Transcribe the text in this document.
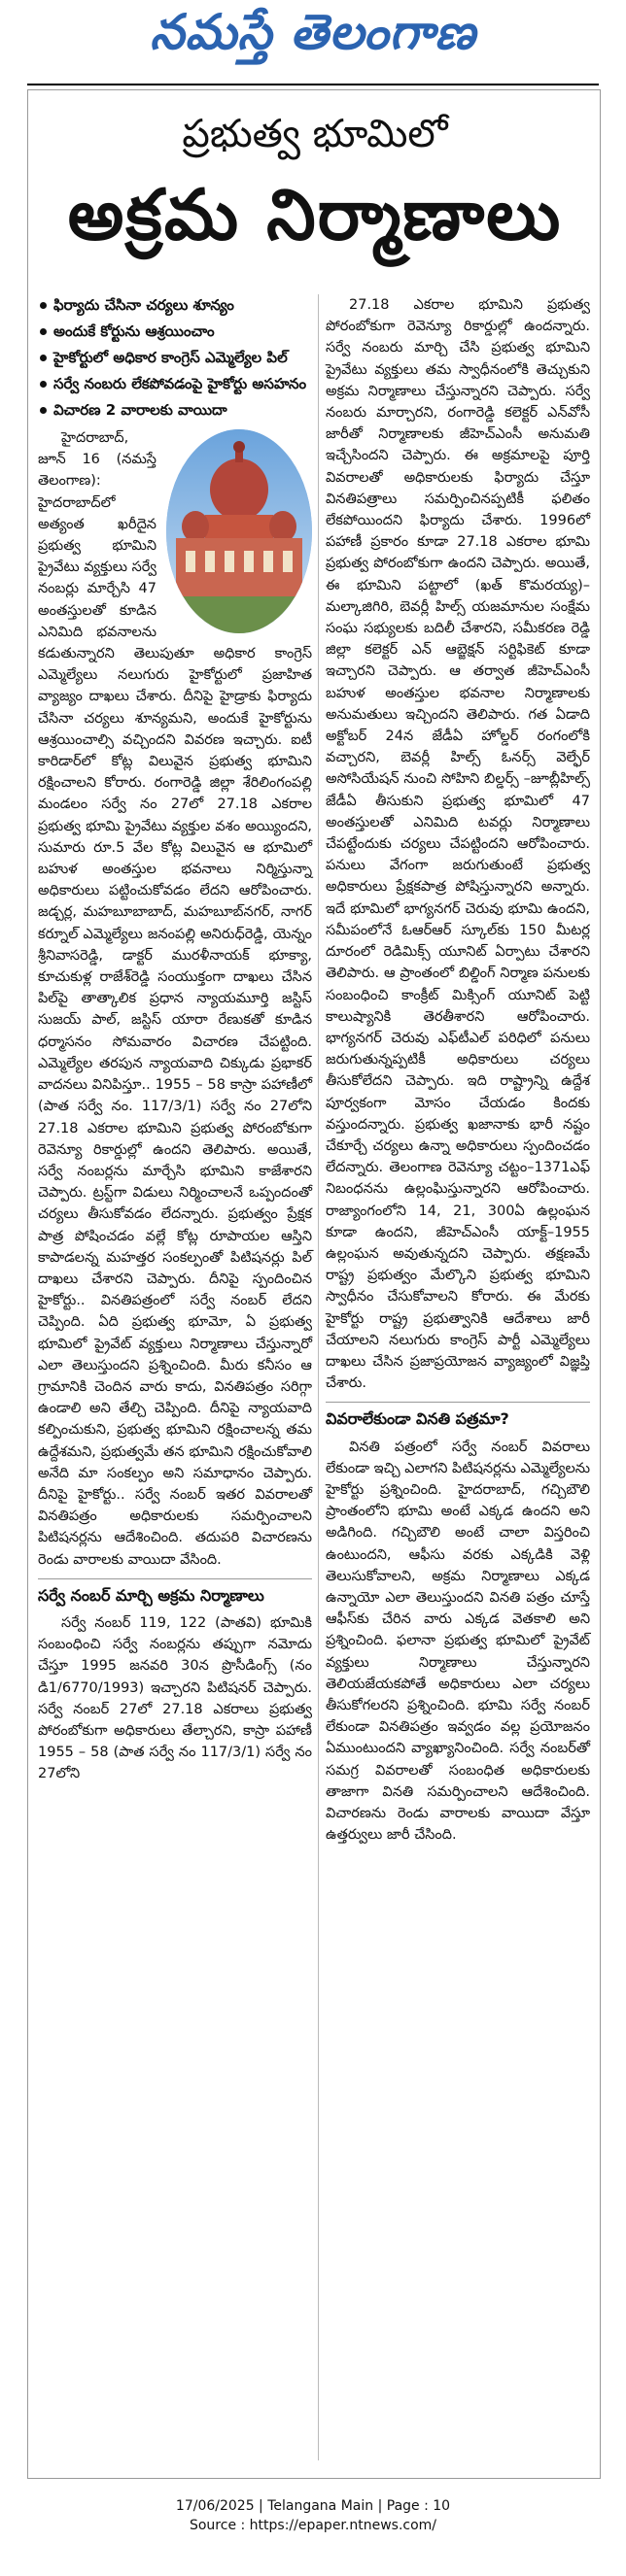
నమస్తే తెలంగాణ
ప్రభుత్వ భూమిలో
అక్రమ నిర్మాణాలు
ఫిర్యాదు చేసినా చర్యలు శూన్యం
అందుకే కోర్టును ఆశ్రయించాం
హైకోర్టులో అధికార కాంగ్రెస్ ఎమ్మెల్యేల పిల్
సర్వే నంబరు లేకపోవడంపై హైకోర్టు అసహనం
విచారణ 2 వారాలకు వాయిదా

హైదరాబాద్, జూన్ 16 (నమస్తే తెలంగాణ): హైదరాబాద్‌లో అత్యంత ఖరీదైన ప్రభుత్వ భూమిని ప్రైవేటు వ్యక్తులు సర్వే నంబర్లు మార్చేసి 47 అంతస్తులతో కూడిన ఎనిమిది భవనాలను కడుతున్నారని తెలుపుతూ అధికార కాంగ్రెస్ ఎమ్మెల్యేలు నలుగురు హైకోర్టులో ప్రజాహిత వ్యాజ్యం దాఖలు చేశారు. దీనిపై హైడ్రాకు ఫిర్యాదు చేసినా చర్యలు శూన్యమని, అందుకే హైకోర్టును ఆశ్రయించాల్సి వచ్చిందని వివరణ ఇచ్చారు. ఐటీ కారిడార్‌లో కోట్ల విలువైన ప్రభుత్వ భూమిని రక్షించాలని కోరారు. రంగారెడ్డి జిల్లా శేరిలింగంపల్లి మండలం సర్వే నం 27లో 27.18 ఎకరాల ప్రభుత్వ భూమి ప్రైవేటు వ్యక్తుల వశం అయ్యిందని, సుమారు రూ.5 వేల కోట్ల విలువైన ఆ భూమిలో బహుళ అంతస్తుల భవనాలు నిర్మిస్తున్నా అధికారులు పట్టించుకోవడం లేదని ఆరోపించారు. జడ్చర్ల, మహబూబాబాద్, మహబూబ్‌నగర్, నాగర్ కర్నూల్ ఎమ్మెల్యేలు జనంపల్లి అనిరుధ్‌రెడ్డి, యెన్నం శ్రీనివాసరెడ్డి, డాక్టర్ మురళీనాయక్ భూక్యా, కూచుకుళ్ల రాజేశ్‌రెడ్డి సంయుక్తంగా దాఖలు చేసిన పిల్‌పై తాత్కాలిక ప్రధాన న్యాయమూర్తి జస్టిస్ సుజయ్ పాల్, జస్టిస్ యారా రేణుకతో కూడిన ధర్మాసనం సోమవారం విచారణ చేపట్టింది. ఎమ్మెల్యేల తరపున న్యాయవాది చిక్కుడు ప్రభాకర్ వాదనలు వినిపిస్తూ.. 1955 – 58 కాస్రా పహాణీలో (పాత సర్వే నం. 117/3/1) సర్వే నం 27లోని 27.18 ఎకరాల భూమిని ప్రభుత్వ పోరంబోకుగా రెవెన్యూ రికార్డుల్లో ఉందని తెలిపారు. అయితే, సర్వే నంబర్లను మార్చేసి భూమిని కాజేశారని చెప్పారు. ట్రస్ట్‌గా విడులు నిర్మించాలనే ఒప్పందంతో చర్యలు తీసుకోవడం లేదన్నారు. ప్రభుత్వం ప్రేక్షక పాత్ర పోషించడం వల్లే కోట్ల రూపాయల ఆస్తిని కాపాడలన్న మహత్తర సంకల్పంతో పిటిషనర్లు పిల్ దాఖలు చేశారని చెప్పారు. దీనిపై స్పందించిన హైకోర్టు.. వినతిపత్రంలో సర్వే నంబర్ లేదని చెప్పింది. ఏది ప్రభుత్వ భూమో, ఏ ప్రభుత్వ భూమిలో ప్రైవేట్ వ్యక్తులు నిర్మాణాలు చేస్తున్నారో ఎలా తెలుస్తుందని ప్రశ్నించింది. మీరు కనీసం ఆ గ్రామానికి చెందిన వారు కాదు, వినతిపత్రం సరిగ్గా ఉండాలి అని తేల్చి చెప్పింది. దీనిపై న్యాయవాది కల్పించుకుని, ప్రభుత్వ భూమిని రక్షించాలన్న తమ ఉద్దేశమని, ప్రభుత్వమే తన భూమిని రక్షించుకోవాలి అనేది మా సంకల్పం అని సమాధానం చెప్పారు. దీనిపై హైకోర్టు.. సర్వే నంబర్ ఇతర వివరాలతో వినతిపత్రం అధికారులకు సమర్పించాలని పిటిషనర్లను ఆదేశించింది. తదుపరి విచారణను రెండు వారాలకు వాయిదా వేసింది.

సర్వే నంబర్ మార్చి అక్రమ నిర్మాణాలు

సర్వే నంబర్ 119, 122 (పాతవి) భూమికి సంబంధించి సర్వే నంబర్లను తప్పుగా నమోదు చేస్తూ 1995 జనవరి 30న ప్రొసీడింగ్స్ (నం డి1/6770/1993) ఇచ్చారని పిటిషనర్ చెప్పారు. సర్వే నంబర్ 27లో 27.18 ఎకరాలు ప్రభుత్వ పోరంబోకుగా అధికారులు తేల్చారని, కాస్రా పహాణీ 1955 – 58 (పాత సర్వే నం 117/3/1) సర్వే నం 27లోని

27.18 ఎకరాల భూమిని ప్రభుత్వ పోరంబోకుగా రెవెన్యూ రికార్డుల్లో ఉందన్నారు. సర్వే నంబరు మార్చి చేసి ప్రభుత్వ భూమిని ప్రైవేటు వ్యక్తులు తమ స్వాధీనంలోకి తెచ్చుకుని అక్రమ నిర్మాణాలు చేస్తున్నారని చెప్పారు. సర్వే నంబరు మార్చారని, రంగారెడ్డి కలెక్టర్ ఎన్‌వోసీ జారీతో నిర్మాణాలకు జీహెచ్‌ఎంసీ అనుమతి ఇచ్చేసిందని చెప్పారు. ఈ అక్రమాలపై పూర్తి వివరాలతో అధికారులకు ఫిర్యాదు చేస్తూ వినతిపత్రాలు సమర్పించినప్పటికీ ఫలితం లేకపోయిందని ఫిర్యాదు చేశారు. 1996లో పహాణీ ప్రకారం కూడా 27.18 ఎకరాల భూమి ప్రభుత్వ పోరంబోకుగా ఉందని చెప్పారు. అయితే, ఈ భూమిని పట్టాలో (ఖత్ కొమరయ్య)–మల్కాజిగిరి, బెవర్లీ హిల్స్ యజమానుల సంక్షేమ సంఘ సభ్యులకు బదిలీ చేశారని, సమీకరణ రెడ్డి జిల్లా కలెక్టర్ ఎన్ ఆబ్జెక్షన్ సర్టిఫికెట్ కూడా ఇచ్చారని చెప్పారు. ఆ తర్వాత జీహెచ్‌ఎంసీ బహుళ అంతస్తుల భవనాల నిర్మాణాలకు అనుమతులు ఇచ్చిందని తెలిపారు. గత ఏడాది అక్టోబర్ 24న జేడీఏ హోల్డర్ రంగంలోకి వచ్చారని, బెవర్లీ హిల్స్ ఓనర్స్ వెల్ఫేర్ అసోసియేషన్ నుంచి సోహిని బిల్డర్స్ –జూబ్లీహిల్స్ జేడీఏ తీసుకుని ప్రభుత్వ భూమిలో 47 అంతస్తులతో ఎనిమిది టవర్లు నిర్మాణాలు చేపట్టేందుకు చర్యలు చేపట్టిందని ఆరోపించారు. పనులు వేగంగా జరుగుతుంటే ప్రభుత్వ అధికారులు ప్రేక్షకపాత్ర పోషిస్తున్నారని అన్నారు. ఇదే భూమిలో భాగ్యనగర్ చెరువు భూమి ఉందని, సమీపంలోనే ఓఆర్ఆర్ స్కూల్‌కు 150 మీటర్ల దూరంలో రెడిమిక్స్ యూనిట్ ఏర్పాటు చేశారని తెలిపారు. ఆ ప్రాంతంలో బిల్డింగ్ నిర్మాణ పనులకు సంబంధించి కాంక్రీట్ మిక్సింగ్ యూనిట్ పెట్టి కాలుష్యానికి తెరతీశారని ఆరోపించారు. భాగ్యనగర్ చెరువు ఎఫ్‌టీఎల్ పరిధిలో పనులు జరుగుతున్నప్పటికీ అధికారులు చర్యలు తీసుకోలేదని చెప్పారు. ఇది రాష్ట్రాన్ని ఉద్దేశ పూర్వకంగా మోసం చేయడం కిందకు వస్తుందన్నారు. ప్రభుత్వ ఖజానాకు భారీ నష్టం చేకూర్చే చర్యలు ఉన్నా అధికారులు స్పందించడం లేదన్నారు. తెలంగాణ రెవెన్యూ చట్టం–1371ఎఫ్ నిబంధనను ఉల్లంఘిస్తున్నారని ఆరోపించారు. రాజ్యాంగంలోని 14, 21, 300ఏ ఉల్లంఘన కూడా ఉందని, జీహెచ్‌ఎంసీ యాక్ట్–1955 ఉల్లంఘన అవుతున్నదని చెప్పారు. తక్షణమే రాష్ట్ర ప్రభుత్వం మేల్కొని ప్రభుత్వ భూమిని స్వాధీనం చేసుకోవాలని కోరారు. ఈ మేరకు హైకోర్టు రాష్ట్ర ప్రభుత్వానికి ఆదేశాలు జారీ చేయాలని నలుగురు కాంగ్రెస్ పార్టీ ఎమ్మెల్యేలు దాఖలు చేసిన ప్రజాప్రయోజన వ్యాజ్యంలో విజ్ఞప్తి చేశారు.

వివరాలేకుండా వినతి పత్రమా?

వినతి పత్రంలో సర్వే నంబర్ వివరాలు లేకుండా ఇచ్చి ఎలాగని పిటిషనర్లను ఎమ్మెల్యేలను హైకోర్టు ప్రశ్నించింది. హైదరాబాద్, గచ్చిబౌలి ప్రాంతంలోని భూమి అంటే ఎక్కడ ఉందని అని అడిగింది. గచ్చిబౌలి అంటే చాలా విస్తరించి ఉంటుందని, ఆఫీసు వరకు ఎక్కడికి వెళ్లి తెలుసుకోవాలని, అక్రమ నిర్మాణాలు ఎక్కడ ఉన్నాయో ఎలా తెలుస్తుందని వినతి పత్రం చూస్తే ఆఫీస్‌కు చేరిన వారు ఎక్కడ వెతకాలి అని ప్రశ్నించింది. ఫలానా ప్రభుత్వ భూమిలో ప్రైవేట్ వ్యక్తులు నిర్మాణాలు చేస్తున్నారని తెలియజేయకపోతే అధికారులు ఎలా చర్యలు తీసుకోగలరని ప్రశ్నించింది. భూమి సర్వే నంబర్ లేకుండా వినతిపత్రం ఇవ్వడం వల్ల ప్రయోజనం ఏముంటుందని వ్యాఖ్యానించింది. సర్వే నంబర్‌తో సమగ్ర వివరాలతో సంబంధిత అధికారులకు తాజాగా వినతి సమర్పించాలని ఆదేశించింది. విచారణను రెండు వారాలకు వాయిదా వేస్తూ ఉత్తర్వులు జారీ చేసింది.

17/06/2025 | Telangana Main | Page : 10
Source : https://epaper.ntnews.com/
